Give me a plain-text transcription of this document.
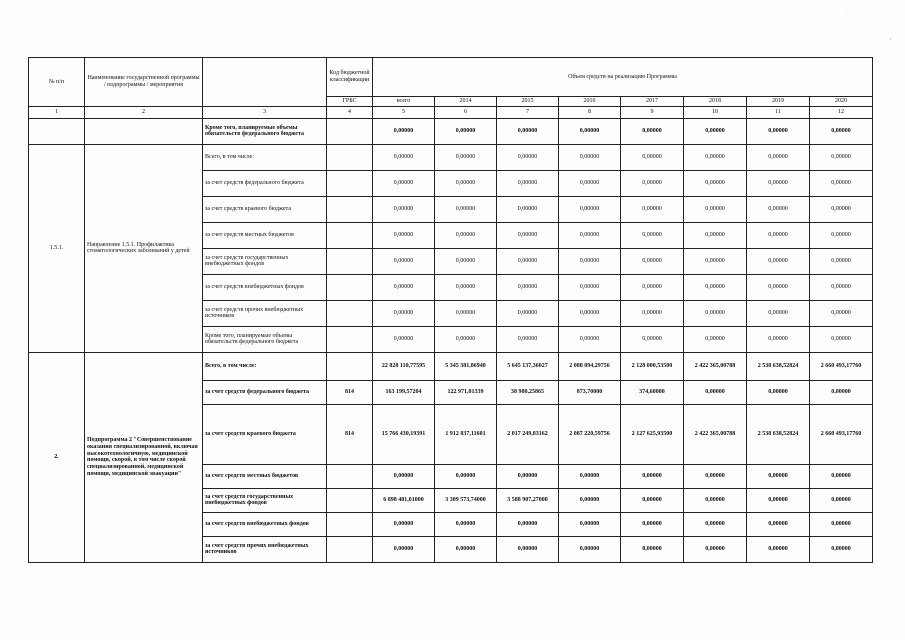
·
,
№ п/п	Наименование государственной программы / подпрограммы / мероприятия		Код бюджетной классификации	Объем средств на реализацию Программы							
			ГРБС	всего	2014	2015	2016	2017	2018	2019	2020
1	2	3	4	5	6	7	8	9	10	11	12
		Кроме того, планируемые объемы обязательств федерального бюджета		0,00000	0,00000	0,00000	0,00000	0,00000	0,00000	0,00000	0,00000
1.5.1.	Направление 1.5.1. Профилактика стоматологических заболеваний у детей	Всего, в том числе:		0,00000	0,00000	0,00000	0,00000	0,00000	0,00000	0,00000	0,00000
		за счет средств федерального бюджета		0,00000	0,00000	0,00000	0,00000	0,00000	0,00000	0,00000	0,00000
		за счет средств краевого бюджета		0,00000	0,00000	0,00000	0,00000	0,00000	0,00000	0,00000	0,00000
		за счет средств местных бюджетов		0,00000	0,00000	0,00000	0,00000	0,00000	0,00000	0,00000	0,00000
		за счет средств государственных внебюджетных фондов		0,00000	0,00000	0,00000	0,00000	0,00000	0,00000	0,00000	0,00000
		за счет средств внебюджетных фондов		0,00000	0,00000	0,00000	0,00000	0,00000	0,00000	0,00000	0,00000
		за счет средств прочих внебюджетных источников		0,00000	0,00000	0,00000	0,00000	0,00000	0,00000	0,00000	0,00000
		Кроме того, планируемые объемы обязательств федерального бюджета		0,00000	0,00000	0,00000	0,00000	0,00000	0,00000	0,00000	0,00000
2.	Подпрограмма 2 "Совершенствование оказания специализированной, включая высокотехнологичную, медицинской помощи, скорой, в том числе скорой специализированной, медицинской помощи, медицинской эвакуации"	Всего, в том числе:		22 828 110,77595	5 345 381,86940	5 645 137,36027	2 080 094,29756	2 128 000,53500	2 422 365,00788	2 538 638,52824	2 660 493,17760
		за счет средств федерального бюджета	814	163 199,57204	122 971,01339	38 980,25865	873,70000	374,60000	0,00000	0,00000	0,00000
		за счет средств краевого бюджета	814	15 766 430,19391	1 912 837,11601	2 017 249,83162	2 087 220,59756	2 127 625,93500	2 422 365,00788	2 538 638,52824	2 660 493,17760
		за счет средств местных бюджетов		0,00000	0,00000	0,00000	0,00000	0,00000	0,00000	0,00000	0,00000
		за счет средств государственных внебюджетных фондов		6 898 481,01000	3 309 573,74000	3 588 907,27000	0,00000	0,00000	0,00000	0,00000	0,00000
		за счет средств внебюджетных фондов		0,00000	0,00000	0,00000	0,00000	0,00000	0,00000	0,00000	0,00000
		за счет средств прочих внебюджетных источников		0,00000	0,00000	0,00000	0,00000	0,00000	0,00000	0,00000	0,00000
